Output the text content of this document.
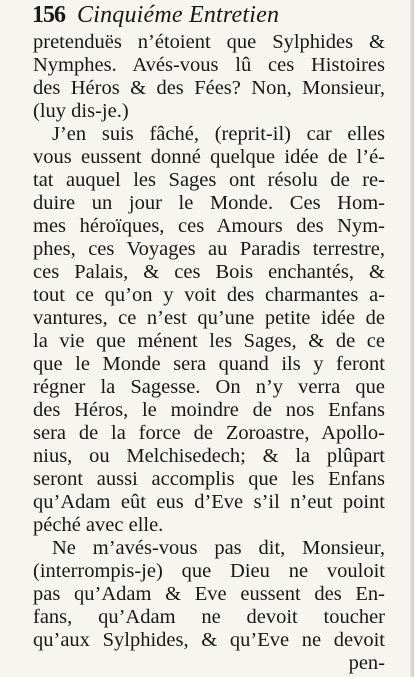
156 Cinquiéme Entretien
pretenduës n’étoient que Sylphides &
Nymphes. Avés-vous lû ces Histoires
des Héros & des Fées? Non, Monsieur,
(luy dis-je.)
J’en suis fâché, (reprit-il) car elles
vous eussent donné quelque idée de l’é-
tat auquel les Sages ont résolu de re-
duire un jour le Monde. Ces Hom-
mes héroïques, ces Amours des Nym-
phes, ces Voyages au Paradis terrestre,
ces Palais, & ces Bois enchantés, &
tout ce qu’on y voit des charmantes a-
vantures, ce n’est qu’une petite idée de
la vie que ménent les Sages, & de ce
que le Monde sera quand ils y feront
régner la Sagesse. On n’y verra que
des Héros, le moindre de nos Enfans
sera de la force de Zoroastre, Apollo-
nius, ou Melchisedech; & la plûpart
seront aussi accomplis que les Enfans
qu’Adam eût eus d’Eve s’il n’eut point
péché avec elle.
Ne m’avés-vous pas dit, Monsieur,
(interrompis-je) que Dieu ne vouloit
pas qu’Adam & Eve eussent des En-
fans, qu’Adam ne devoit toucher
qu’aux Sylphides, & qu’Eve ne devoit
pen-
